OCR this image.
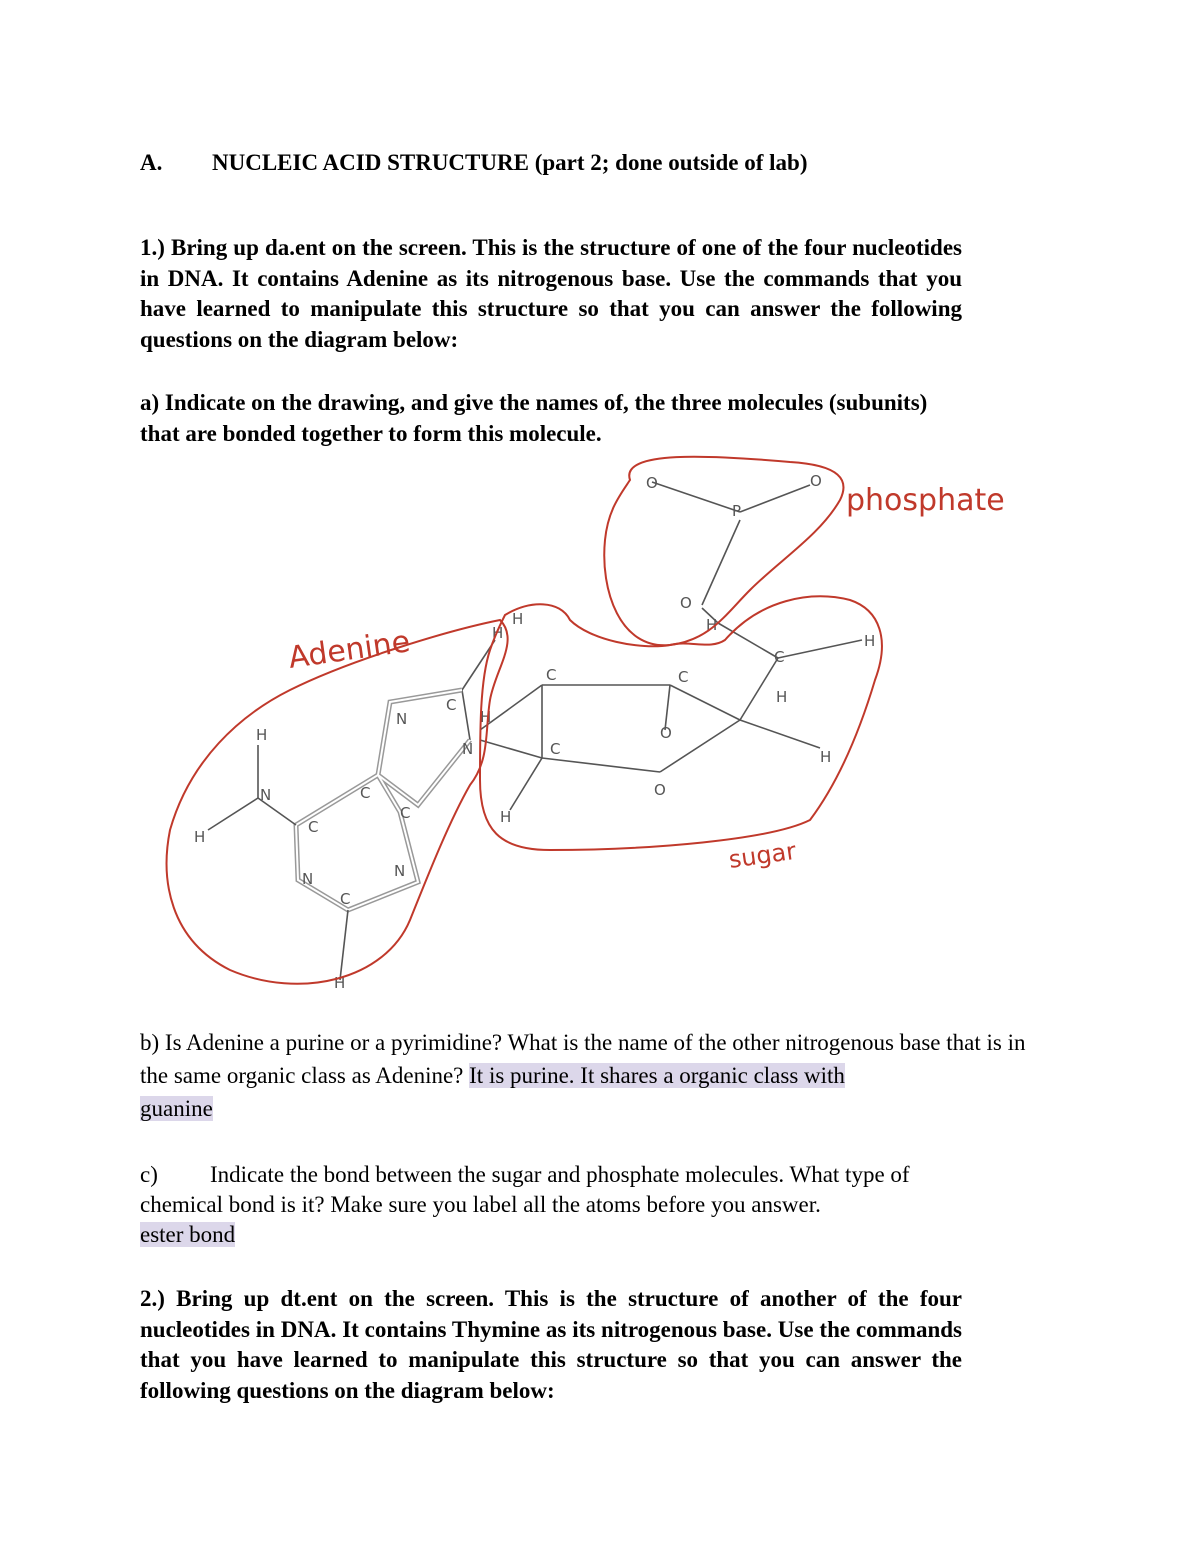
A. NUCLEIC ACID STRUCTURE (part 2; done outside of lab)

1.) Bring up da.ent on the screen. This is the structure of one of the four nucleotides in DNA. It contains Adenine as its nitrogenous base. Use the commands that you have learned to manipulate this structure so that you can answer the following questions on the diagram below:

a) Indicate on the drawing, and give the names of, the three molecules (subunits) that are bonded together to form this molecule.

O	O
P
O
H
H	H
C	C
C
O
O
C
H
H
H
H
H
N
C
N
H
N
H
C
C
C
N	N
C
H
phosphate
Adenine
sugar

b) Is Adenine a purine or a pyrimidine? What is the name of the other nitrogenous base that is in the same organic class as Adenine? It is purine. It shares a organic class with
guanine

c) Indicate the bond between the sugar and phosphate molecules. What type of chemical bond is it? Make sure you label all the atoms before you answer.
ester bond

2.) Bring up dt.ent on the screen. This is the structure of another of the four nucleotides in DNA. It contains Thymine as its nitrogenous base. Use the commands that you have learned to manipulate this structure so that you can answer the following questions on the diagram below:
